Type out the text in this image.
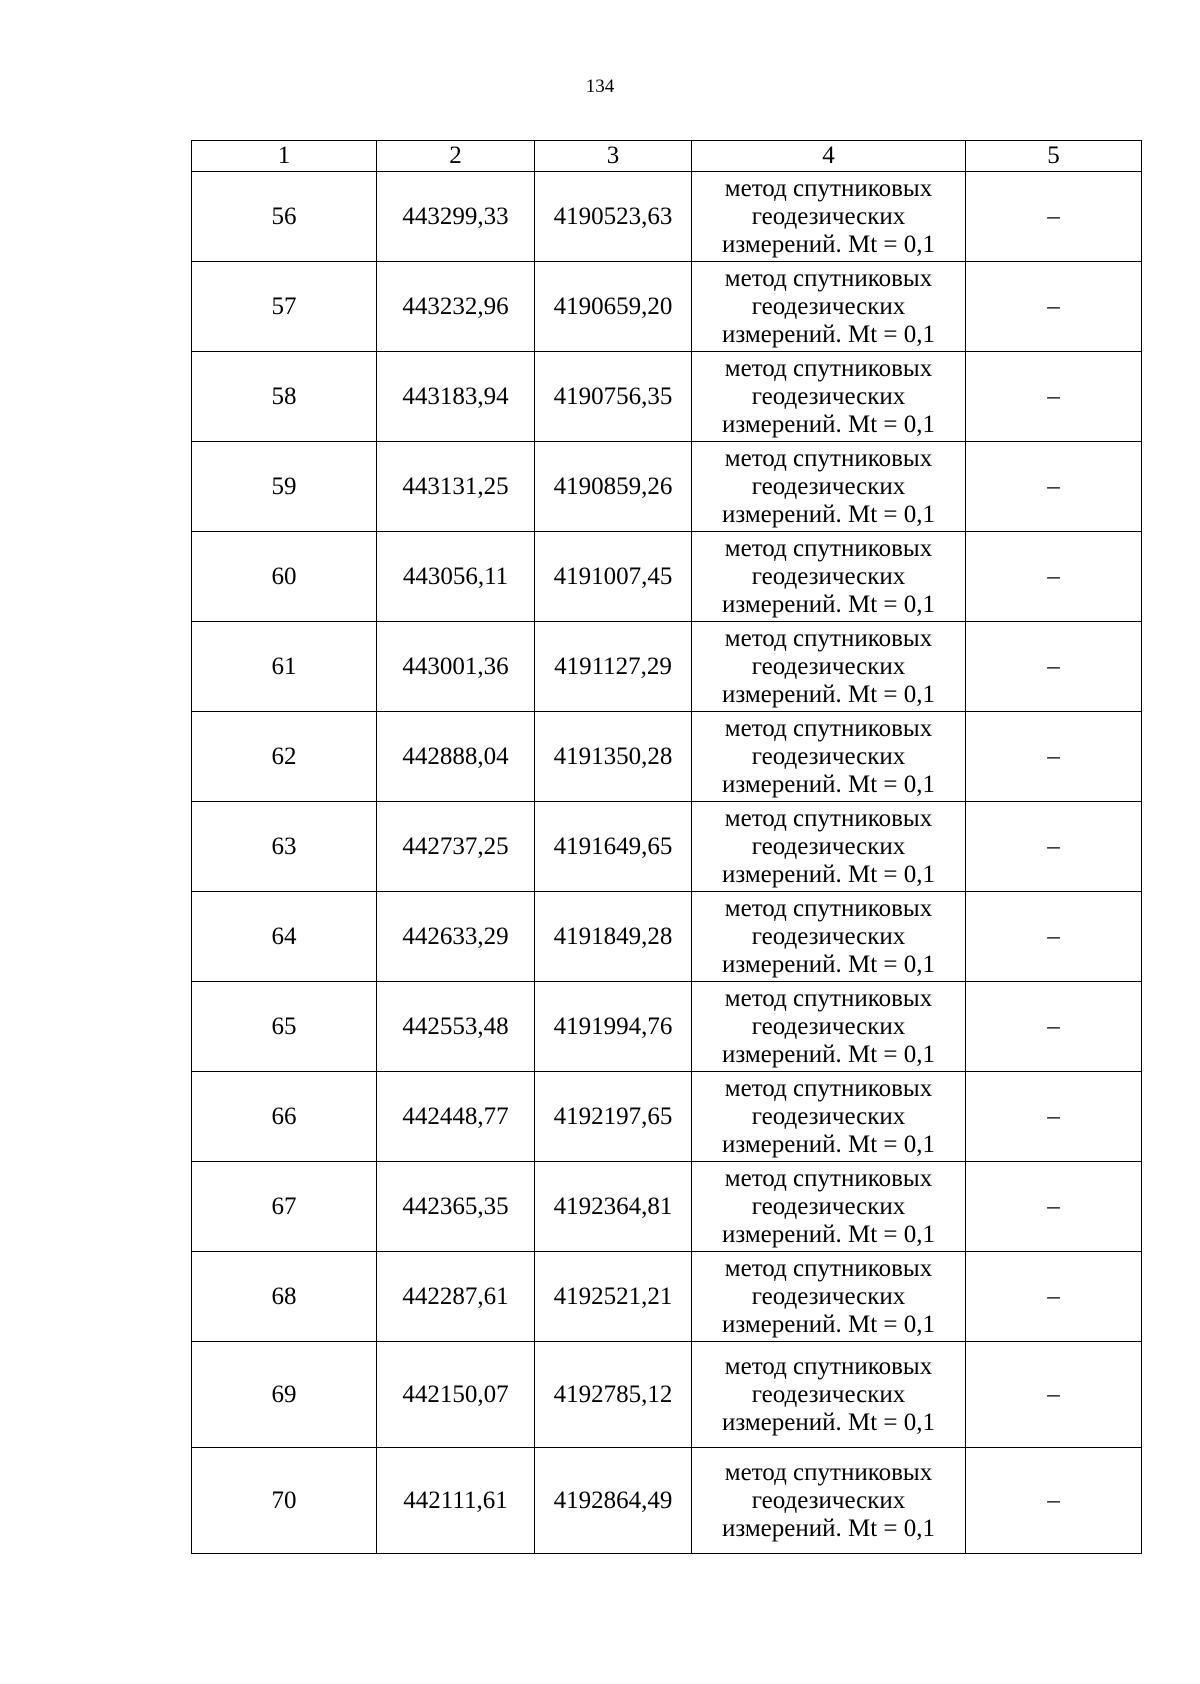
134
1	2	3	4	5
56	443299,33	4190523,63	метод спутниковых
геодезических
измерений. Mt = 0,1	–
57	443232,96	4190659,20	метод спутниковых
геодезических
измерений. Mt = 0,1	–
58	443183,94	4190756,35	метод спутниковых
геодезических
измерений. Mt = 0,1	–
59	443131,25	4190859,26	метод спутниковых
геодезических
измерений. Mt = 0,1	–
60	443056,11	4191007,45	метод спутниковых
геодезических
измерений. Mt = 0,1	–
61	443001,36	4191127,29	метод спутниковых
геодезических
измерений. Mt = 0,1	–
62	442888,04	4191350,28	метод спутниковых
геодезических
измерений. Mt = 0,1	–
63	442737,25	4191649,65	метод спутниковых
геодезических
измерений. Mt = 0,1	–
64	442633,29	4191849,28	метод спутниковых
геодезических
измерений. Mt = 0,1	–
65	442553,48	4191994,76	метод спутниковых
геодезических
измерений. Mt = 0,1	–
66	442448,77	4192197,65	метод спутниковых
геодезических
измерений. Mt = 0,1	–
67	442365,35	4192364,81	метод спутниковых
геодезических
измерений. Mt = 0,1	–
68	442287,61	4192521,21	метод спутниковых
геодезических
измерений. Mt = 0,1	–
69	442150,07	4192785,12	метод спутниковых
геодезических
измерений. Mt = 0,1	–
70	442111,61	4192864,49	метод спутниковых
геодезических
измерений. Mt = 0,1	–
